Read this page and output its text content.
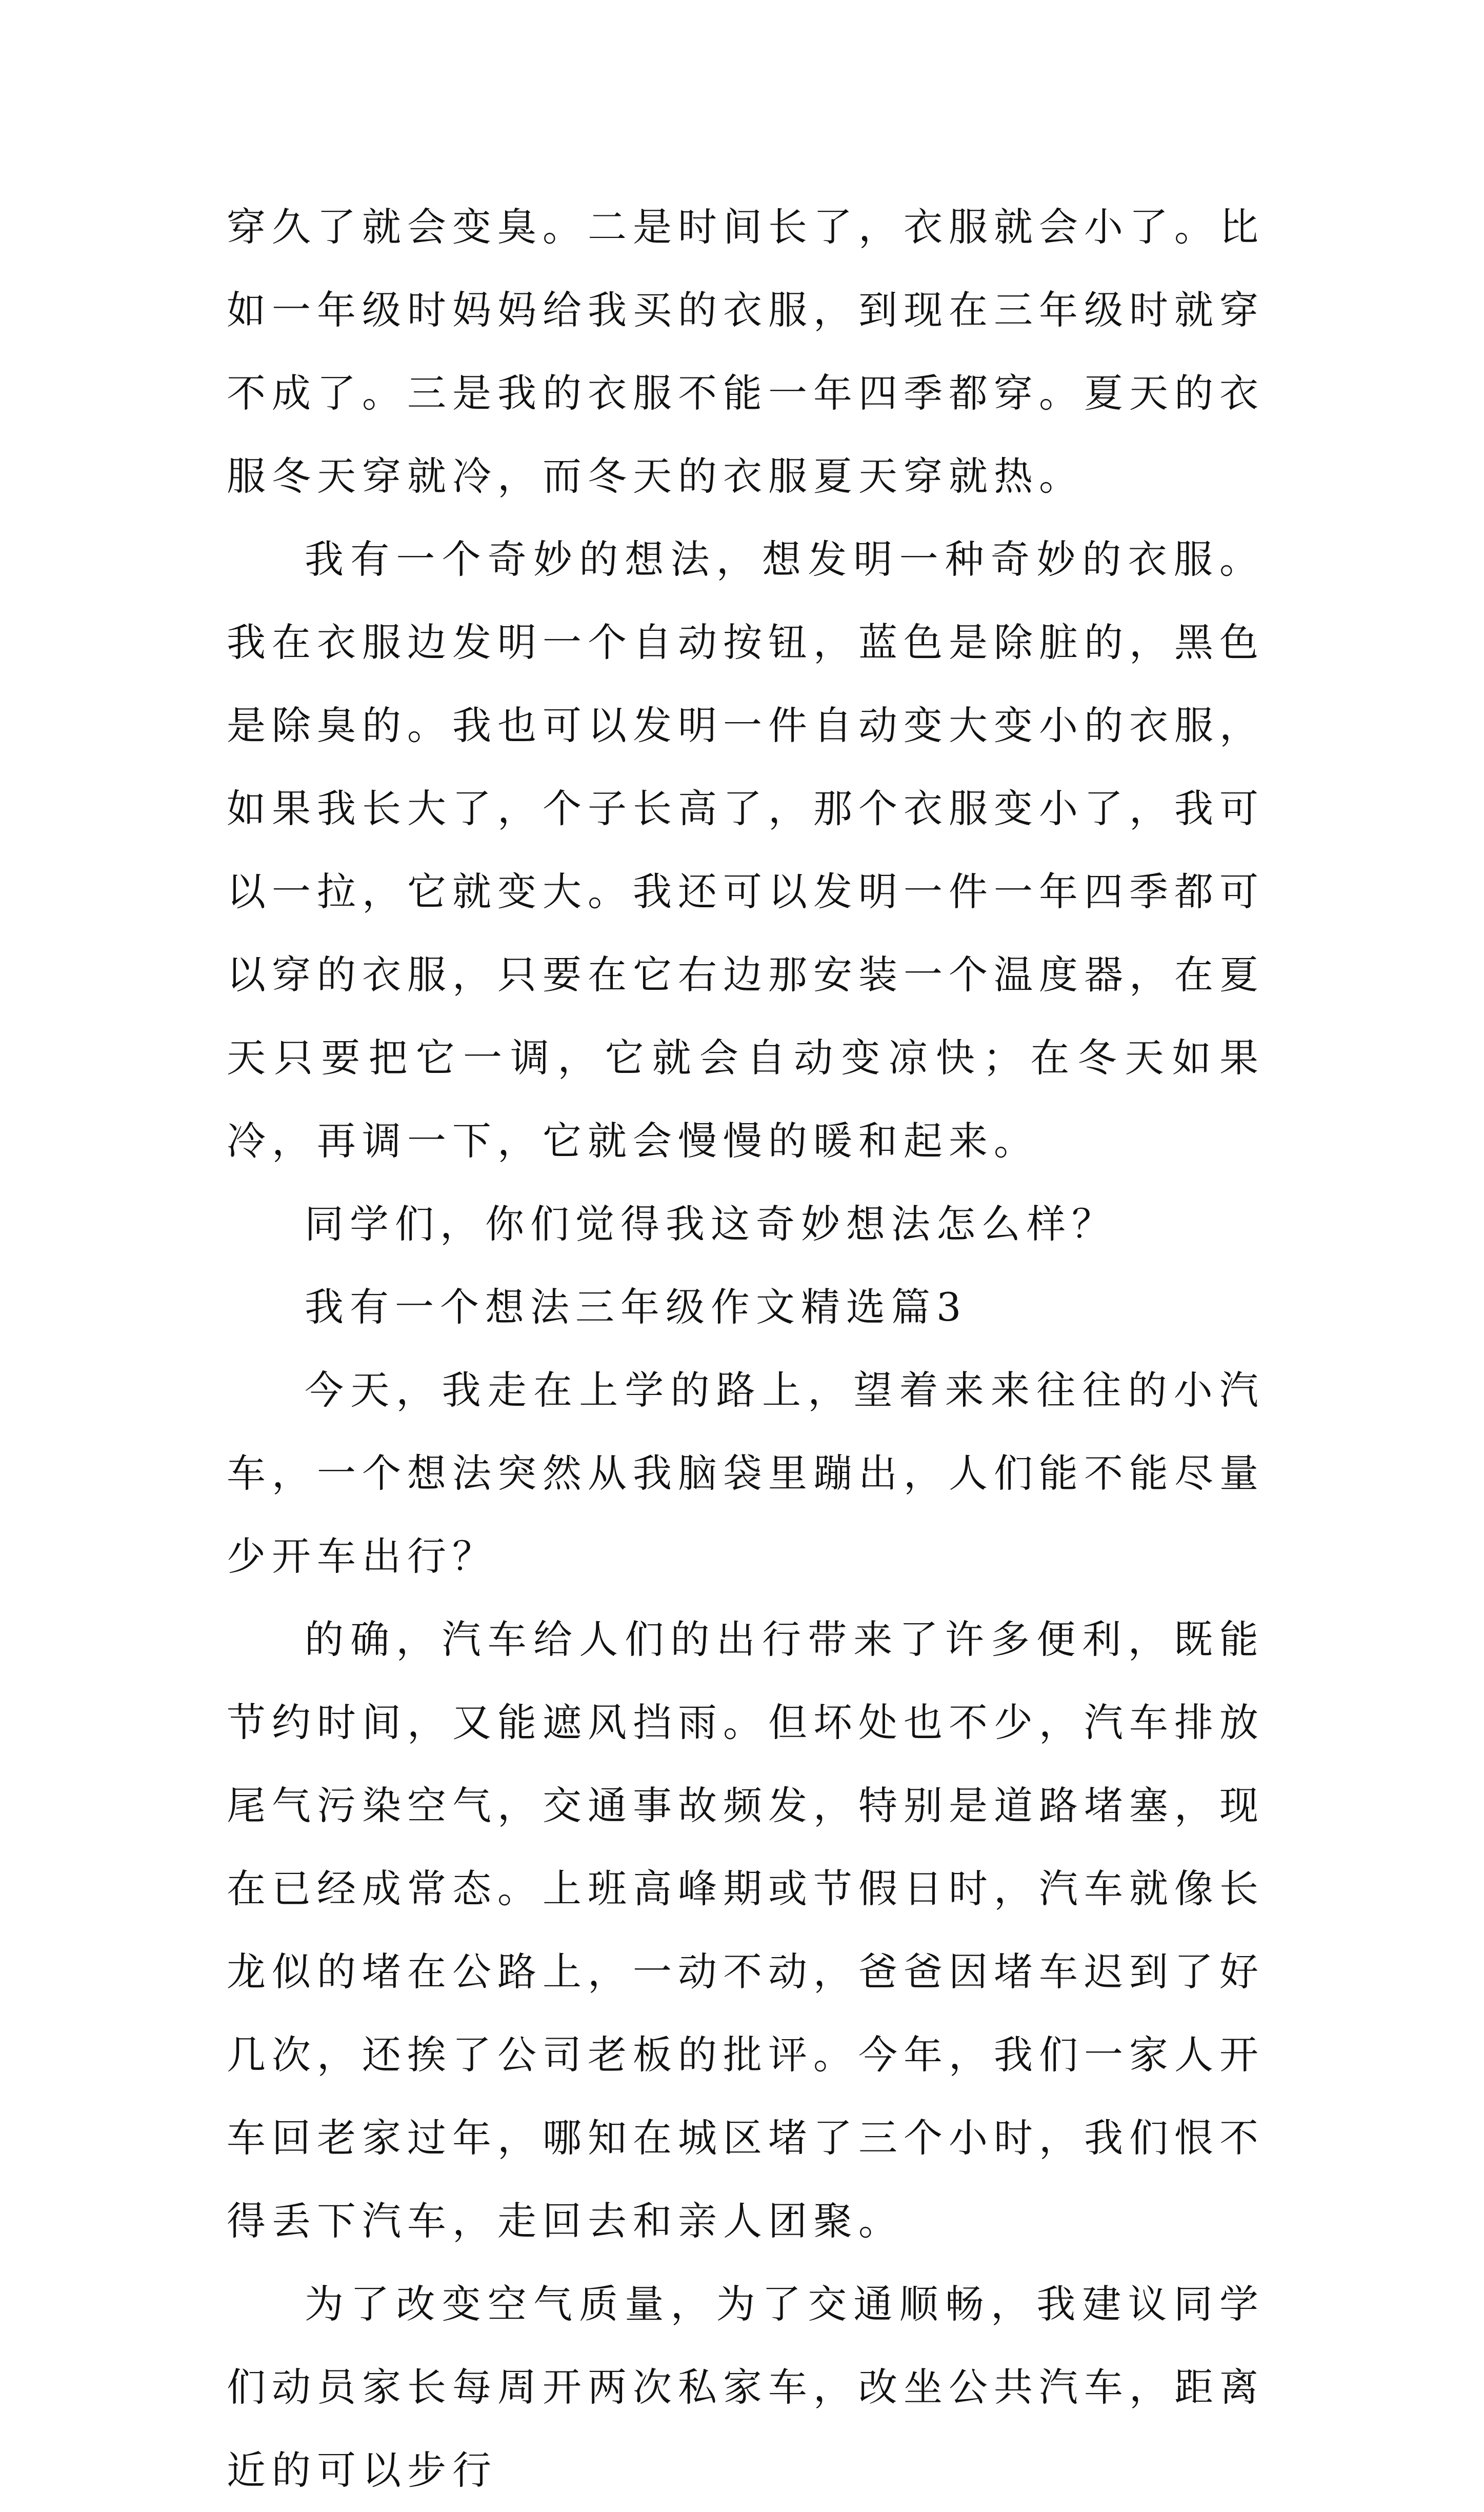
穿久了就会变臭。二是时间长了，衣服就会小了。比如一年级时妈妈给我买的衣服，到现在三年级时就穿不成了。三是我的衣服不能一年四季都穿。夏天的衣服冬天穿就冷，而冬天的衣服夏天穿就热。

我有一个奇妙的想法，想发明一种奇妙的衣服。我在衣服边发明一个自动按钮，蓝色是除脏的，黑色是除臭的。我也可以发明一件自动变大变小的衣服，如果我长大了，个子长高了，那个衣服变小了，我可以一拉，它就变大。我还可以发明一件一年四季都可以穿的衣服，只要在它右边那安装一个温度器，在夏天只要把它一调，它就会自动变凉快；在冬天如果冷，再调一下，它就会慢慢的暖和起来。

同学们，你们觉得我这奇妙想法怎么样？

我有一个想法三年级作文精选篇3

今天，我走在上学的路上，望着来来往往的小汽车，一个想法突然从我脑袋里蹦出，人们能不能尽量少开车出行？

的确，汽车给人们的出行带来了许多便利，既能节约时间，又能遮风挡雨。但坏处也不少，汽车排放尾气污染空气，交通事故频发，特别是道路堵塞，现在已经成常态。上班高峰期或节假日时，汽车就像长龙似的堵在公路上，一动不动，爸爸因堵车迟到了好几次，还挨了公司老板的批评。今年，我们一家人开车回老家过年，哪知在城区堵了三个小时，我们恨不得丢下汽车，走回去和亲人团聚。

为了改变空气质量，为了交通顺畅，我建议同学们动员家长每周开两次私家车，改坐公共汽车，距离近的可以步行
